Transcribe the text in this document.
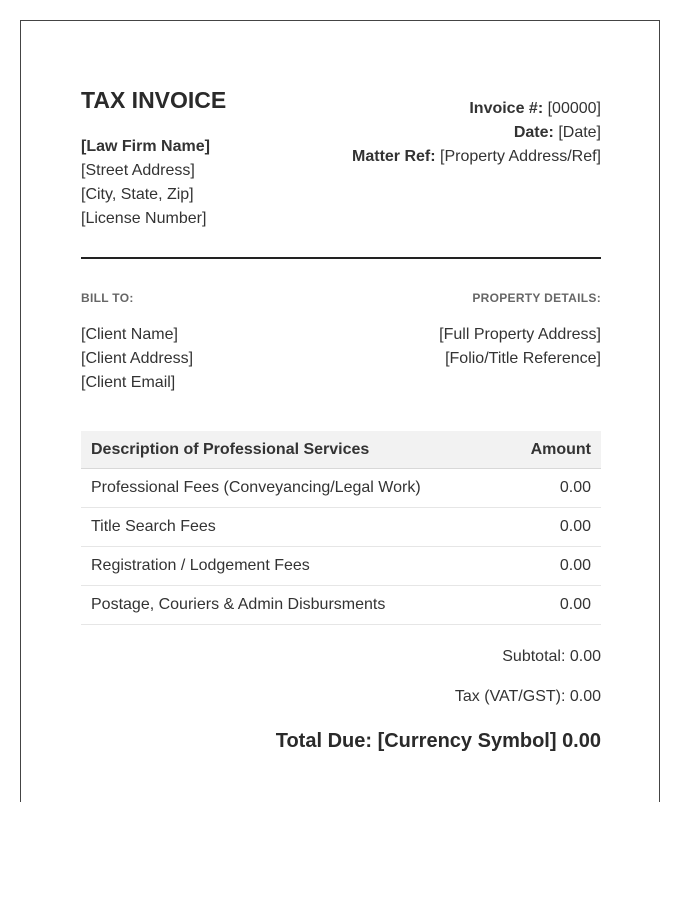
TAX INVOICE
[Law Firm Name]
[Street Address]
[City, State, Zip]
[License Number]
Invoice #: [00000]
Date: [Date]
Matter Ref: [Property Address/Ref]
BILL TO:
[Client Name]
[Client Address]
[Client Email]
PROPERTY DETAILS:
[Full Property Address]
[Folio/Title Reference]
Description of Professional Services	Amount
Professional Fees (Conveyancing/Legal Work)	0.00
Title Search Fees	0.00
Registration / Lodgement Fees	0.00
Postage, Couriers & Admin Disbursments	0.00
Subtotal: 0.00
Tax (VAT/GST): 0.00
Total Due: [Currency Symbol] 0.00
